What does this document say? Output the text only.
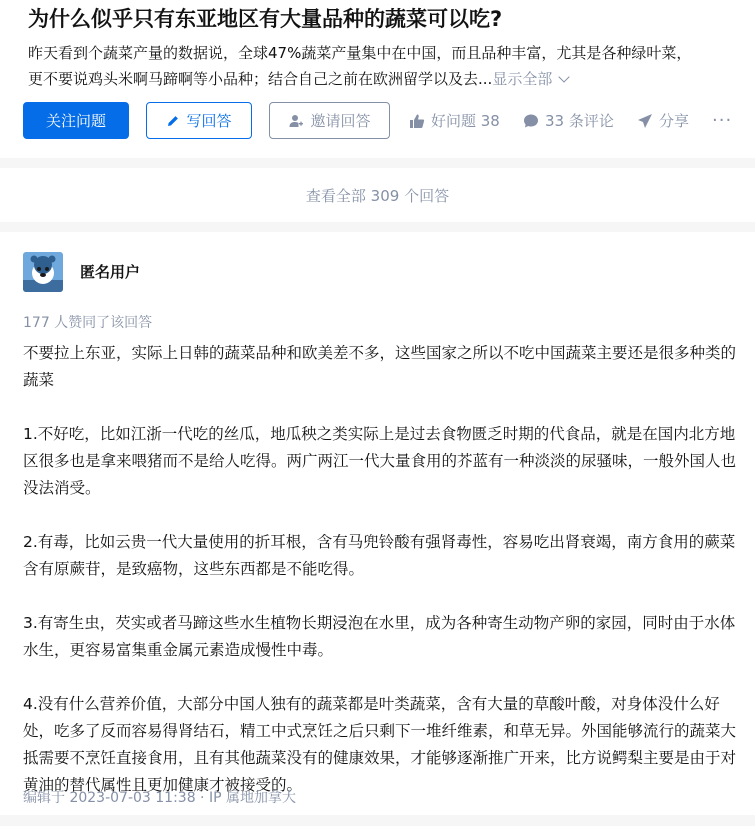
为什么似乎只有东亚地区有大量品种的蔬菜可以吃?
昨天看到个蔬菜产量的数据说，全球47%蔬菜产量集中在中国，而且品种丰富，尤其是各种绿叶菜，
更不要说鸡头米啊马蹄啊等小品种；结合自己之前在欧洲留学以及去...显示全部
关注问题	写回答	邀请回答	好问题 38	33 条评论	分享 ···
查看全部 309 个回答
匿名用户
177 人赞同了该回答

不要拉上东亚，实际上日韩的蔬菜品种和欧美差不多，这些国家之所以不吃中国蔬菜主要还是很多种类的蔬菜

1.不好吃，比如江浙一代吃的丝瓜，地瓜秧之类实际上是过去食物匮乏时期的代食品，就是在国内北方地区很多也是拿来喂猪而不是给人吃得。两广两江一代大量食用的芥蓝有一种淡淡的尿骚味，一般外国人也没法消受。

2.有毒，比如云贵一代大量使用的折耳根，含有马兜铃酸有强肾毒性，容易吃出肾衰竭，南方食用的蕨菜含有原蕨苷，是致癌物，这些东西都是不能吃得。

3.有寄生虫，芡实或者马蹄这些水生植物长期浸泡在水里，成为各种寄生动物产卵的家园，同时由于水体水生，更容易富集重金属元素造成慢性中毒。

4.没有什么营养价值，大部分中国人独有的蔬菜都是叶类蔬菜，含有大量的草酸叶酸，对身体没什么好处，吃多了反而容易得肾结石，精工中式烹饪之后只剩下一堆纤维素，和草无异。外国能够流行的蔬菜大抵需要不烹饪直接食用，且有其他蔬菜没有的健康效果，才能够逐渐推广开来，比方说鳄梨主要是由于对黄油的替代属性且更加健康才被接受的。

编辑于 2023-07-03 11:38 · IP 属地加拿大
